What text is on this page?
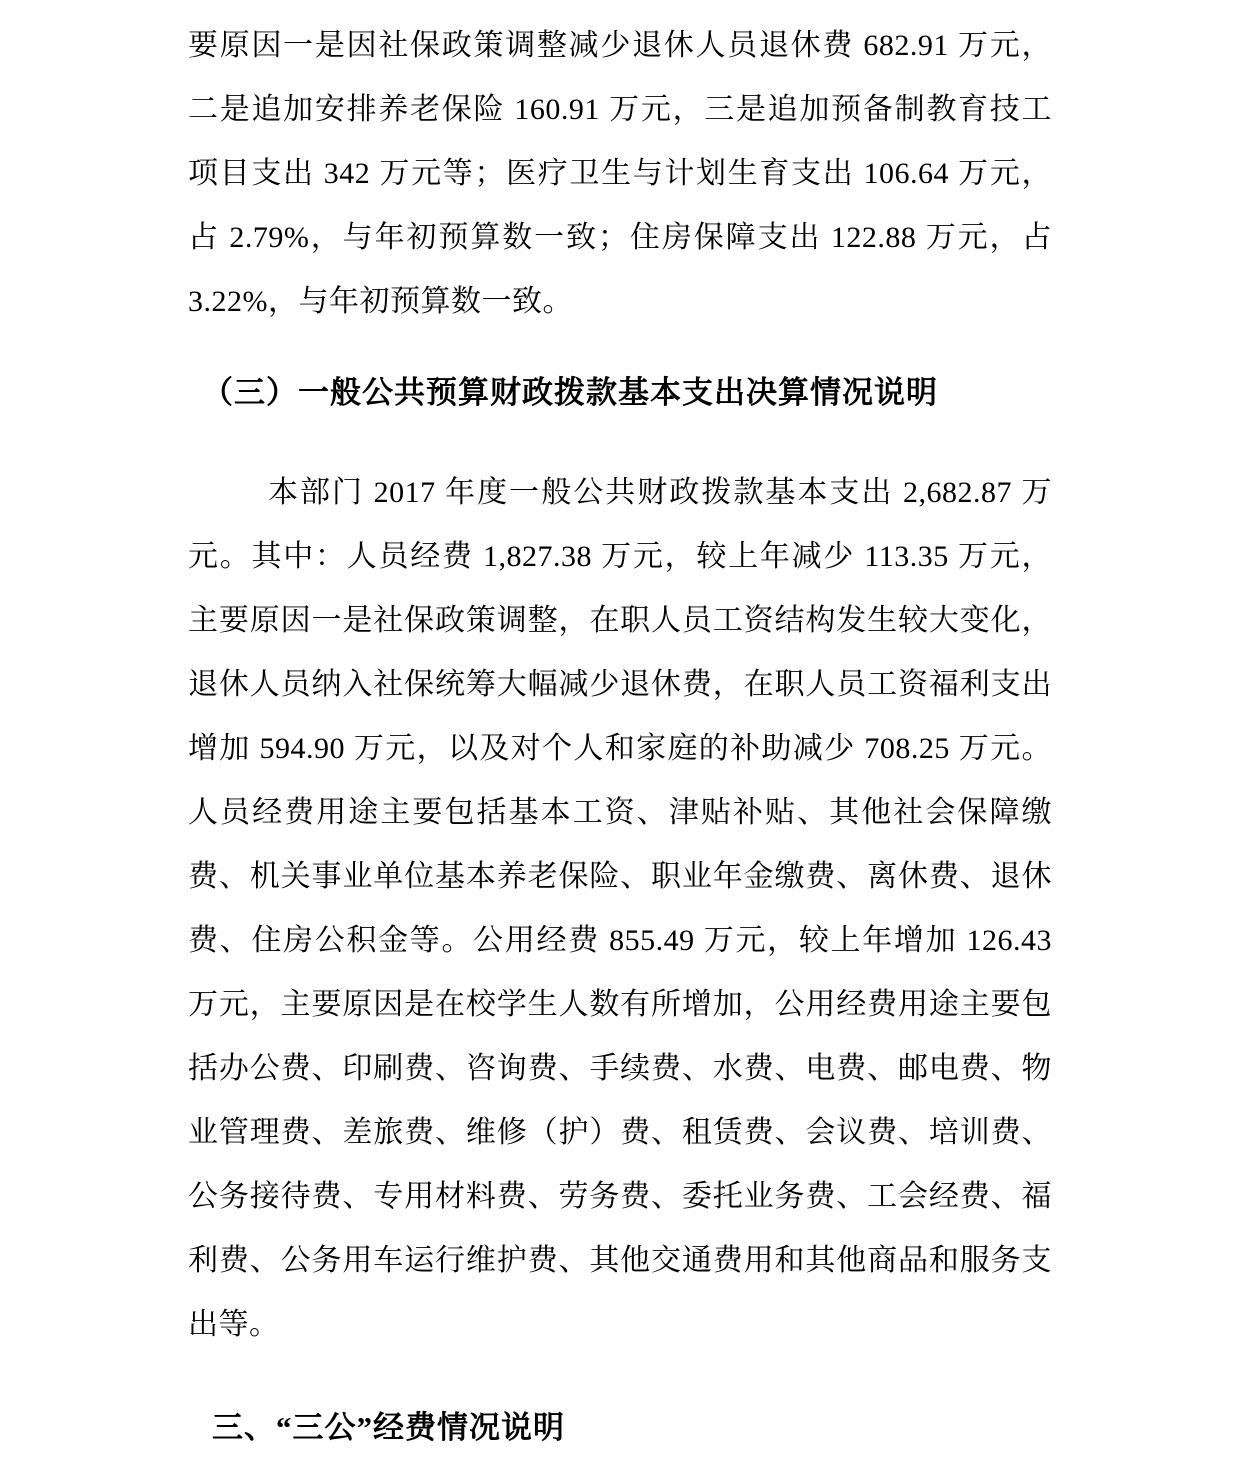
要原因一是因社保政策调整减少退休人员退休费 682.91 万元，
二是追加安排养老保险 160.91 万元，三是追加预备制教育技工
项目支出 342 万元等；医疗卫生与计划生育支出 106.64 万元，
占 2.79%，与年初预算数一致；住房保障支出 122.88 万元，占
3.22%，与年初预算数一致。
（三）一般公共预算财政拨款基本支出决算情况说明
本部门 2017 年度一般公共财政拨款基本支出 2,682.87 万
元。其中：人员经费 1,827.38 万元，较上年减少 113.35 万元，
主要原因一是社保政策调整，在职人员工资结构发生较大变化，
退休人员纳入社保统筹大幅减少退休费，在职人员工资福利支出
增加 594.90 万元，以及对个人和家庭的补助减少 708.25 万元。
人员经费用途主要包括基本工资、津贴补贴、其他社会保障缴
费、机关事业单位基本养老保险、职业年金缴费、离休费、退休
费、住房公积金等。公用经费 855.49 万元，较上年增加 126.43
万元，主要原因是在校学生人数有所增加，公用经费用途主要包
括办公费、印刷费、咨询费、手续费、水费、电费、邮电费、物
业管理费、差旅费、维修（护）费、租赁费、会议费、培训费、
公务接待费、专用材料费、劳务费、委托业务费、工会经费、福
利费、公务用车运行维护费、其他交通费用和其他商品和服务支
出等。
三、“三公”经费情况说明
